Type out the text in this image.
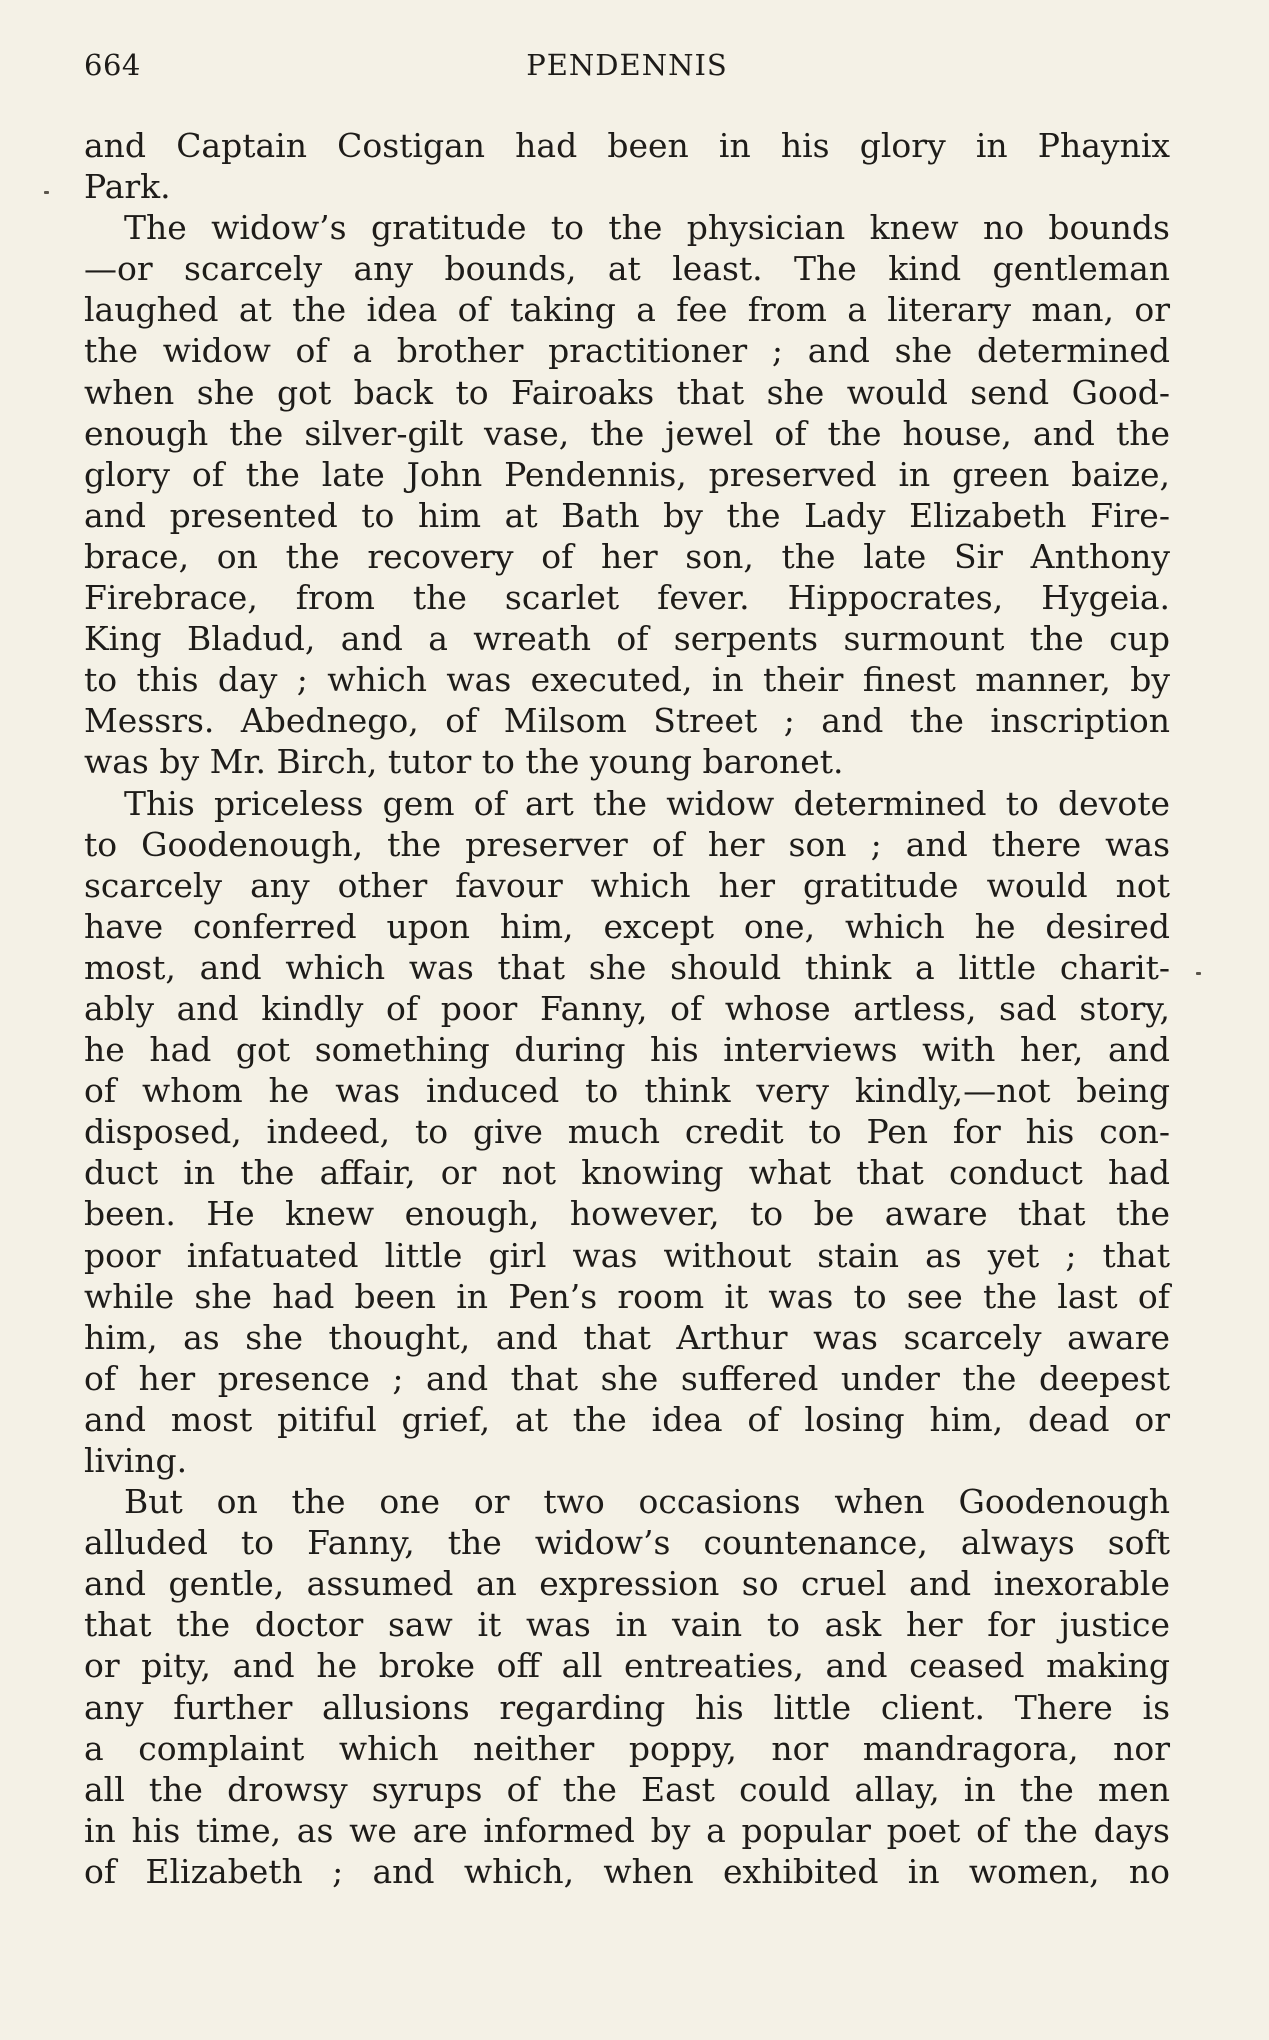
664	PENDENNIS
and Captain Costigan had been in his glory in Phaynix
Park.
The widow’s gratitude to the physician knew no bounds
—or scarcely any bounds, at least. The kind gentleman
laughed at the idea of taking a fee from a literary man, or
the widow of a brother practitioner ; and she determined
when she got back to Fairoaks that she would send Good-
enough the silver-gilt vase, the jewel of the house, and the
glory of the late John Pendennis, preserved in green baize,
and presented to him at Bath by the Lady Elizabeth Fire-
brace, on the recovery of her son, the late Sir Anthony
Firebrace, from the scarlet fever. Hippocrates, Hygeia.
King Bladud, and a wreath of serpents surmount the cup
to this day ; which was executed, in their finest manner, by
Messrs. Abednego, of Milsom Street ; and the inscription
was by Mr. Birch, tutor to the young baronet.
This priceless gem of art the widow determined to devote
to Goodenough, the preserver of her son ; and there was
scarcely any other favour which her gratitude would not
have conferred upon him, except one, which he desired
most, and which was that she should think a little charit-
ably and kindly of poor Fanny, of whose artless, sad story,
he had got something during his interviews with her, and
of whom he was induced to think very kindly,—not being
disposed, indeed, to give much credit to Pen for his con-
duct in the affair, or not knowing what that conduct had
been. He knew enough, however, to be aware that the
poor infatuated little girl was without stain as yet ; that
while she had been in Pen’s room it was to see the last of
him, as she thought, and that Arthur was scarcely aware
of her presence ; and that she suffered under the deepest
and most pitiful grief, at the idea of losing him, dead or
living.
But on the one or two occasions when Goodenough
alluded to Fanny, the widow’s countenance, always soft
and gentle, assumed an expression so cruel and inexorable
that the doctor saw it was in vain to ask her for justice
or pity, and he broke off all entreaties, and ceased making
any further allusions regarding his little client. There is
a complaint which neither poppy, nor mandragora, nor
all the drowsy syrups of the East could allay, in the men
in his time, as we are informed by a popular poet of the days
of Elizabeth ; and which, when exhibited in women, no
